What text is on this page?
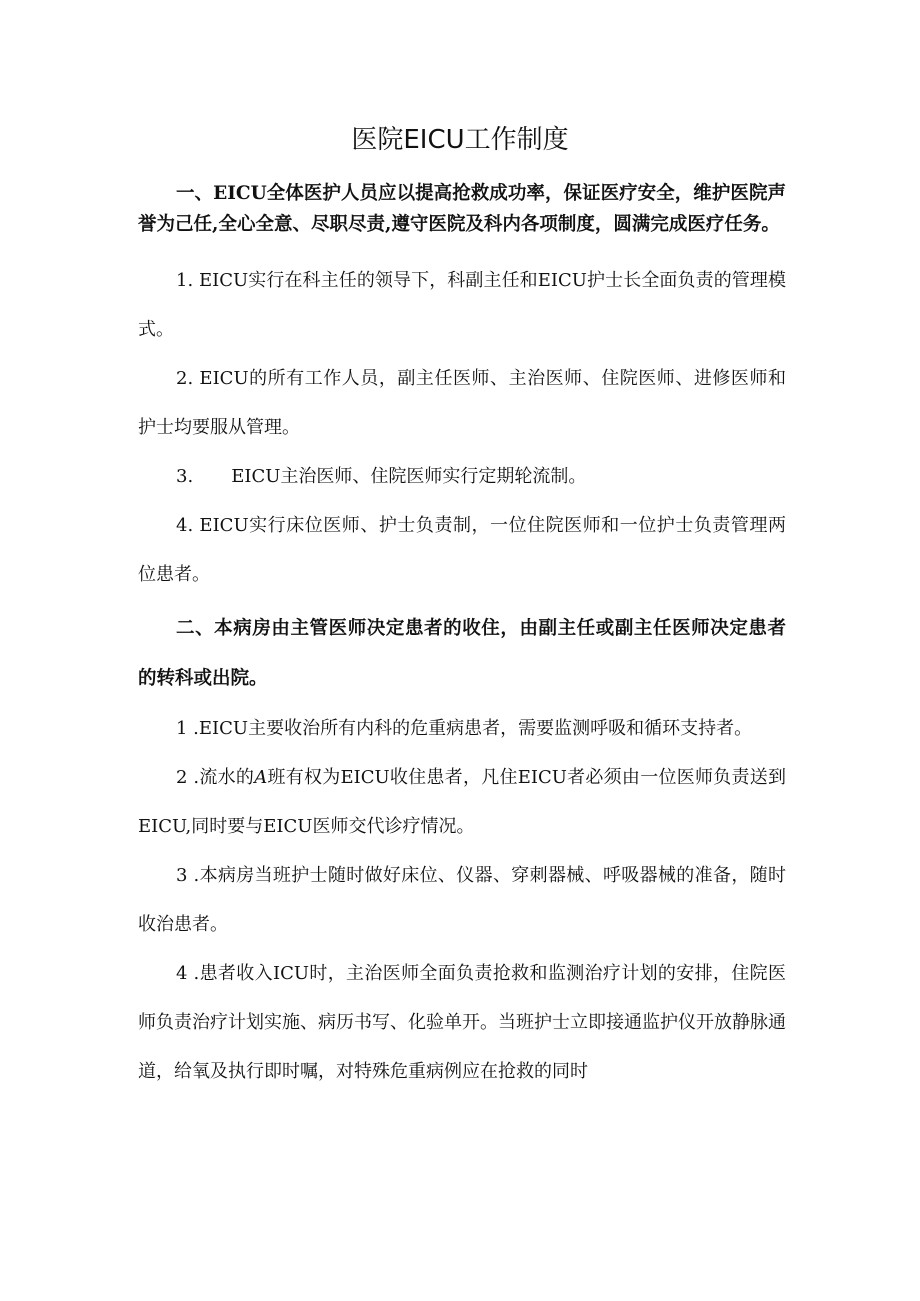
医院EICU工作制度

一、EICU全体医护人员应以提高抢救成功率，保证医疗安全，维护医院声誉为己任,全心全意、尽职尽责,遵守医院及科内各项制度，圆满完成医疗任务。

1. EICU实行在科主任的领导下，科副主任和EICU护士长全面负责的管理模式。

2. EICU的所有工作人员，副主任医师、主治医师、住院医师、进修医师和护士均要服从管理。

3. EICU主治医师、住院医师实行定期轮流制。

4. EICU实行床位医师、护士负责制，一位住院医师和一位护士负责管理两位患者。

二、本病房由主管医师决定患者的收住，由副主任或副主任医师决定患者的转科或出院。

1 .EICU主要收治所有内科的危重病患者，需要监测呼吸和循环支持者。

2 .流水的A班有权为EICU收住患者，凡住EICU者必须由一位医师负责送到EICU,同时要与EICU医师交代诊疗情况。

3 .本病房当班护士随时做好床位、仪器、穿刺器械、呼吸器械的准备，随时收治患者。

4 .患者收入ICU时，主治医师全面负责抢救和监测治疗计划的安排，住院医师负责治疗计划实施、病历书写、化验单开。当班护士立即接通监护仪开放静脉通道，给氧及执行即时嘱，对特殊危重病例应在抢救的同时
